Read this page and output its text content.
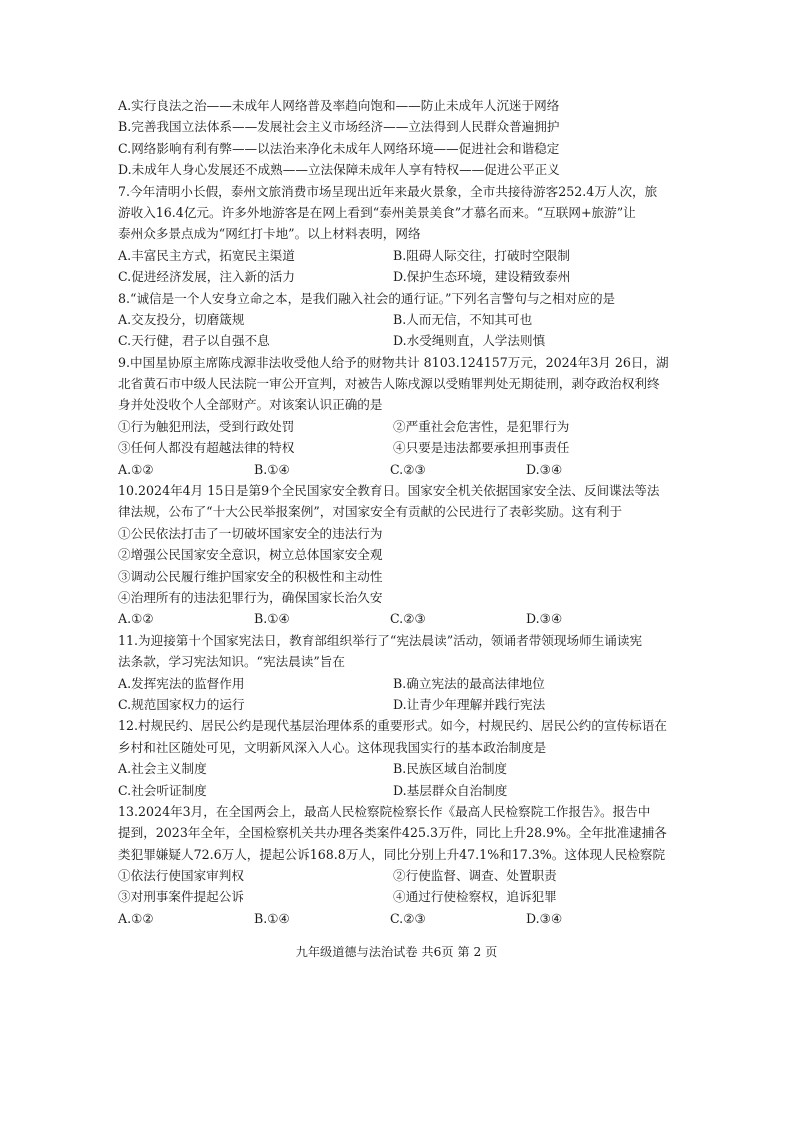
A.实行良法之治——未成年人网络普及率趋向饱和——防止未成年人沉迷于网络
B.完善我国立法体系——发展社会主义市场经济——立法得到人民群众普遍拥护
C.网络影响有利有弊——以法治来净化未成年人网络环境——促进社会和谐稳定
D.未成年人身心发展还不成熟——立法保障未成年人享有特权——促进公平正义
7.今年清明小长假，泰州文旅消费市场呈现出近年来最火景象，全市共接待游客252.4万人次，旅
游收入16.4亿元。许多外地游客是在网上看到“泰州美景美食”才慕名而来。“互联网+旅游”让
泰州众多景点成为“网红打卡地”。以上材料表明，网络
A.丰富民主方式，拓宽民主渠道	B.阻碍人际交往，打破时空限制
C.促进经济发展，注入新的活力	D.保护生态环境，建设精致泰州
8.“诚信是一个人安身立命之本，是我们融入社会的通行证。”下列名言警句与之相对应的是
A.交友投分，切磨箴规	B.人而无信，不知其可也
C.天行健，君子以自强不息	D.水受绳则直，人学法则慎
9.中国星协原主席陈戌源非法收受他人给予的财物共计 8103.124157万元，2024年3月 26日，湖
北省黄石市中级人民法院一审公开宣判，对被告人陈戌源以受贿罪判处无期徒刑，剥夺政治权利终
身并处没收个人全部财产。对该案认识正确的是
①行为触犯刑法，受到行政处罚	②严重社会危害性，是犯罪行为
③任何人都没有超越法律的特权	④只要是违法都要承担刑事责任
A.①②	B.①④	C.②③	D.③④
10.2024年4月 15日是第9个全民国家安全教育日。国家安全机关依据国家安全法、反间谍法等法
律法规，公布了“十大公民举报案例”，对国家安全有贡献的公民进行了表彰奖励。这有利于
①公民依法打击了一切破坏国家安全的违法行为
②增强公民国家安全意识，树立总体国家安全观
③调动公民履行维护国家安全的积极性和主动性
④治理所有的违法犯罪行为，确保国家长治久安
A.①②	B.①④	C.②③	D.③④
11.为迎接第十个国家宪法日，教育部组织举行了“宪法晨读”活动，领诵者带领现场师生诵读宪
法条款，学习宪法知识。“宪法晨读”旨在
A.发挥宪法的监督作用	B.确立宪法的最高法律地位
C.规范国家权力的运行	D.让青少年理解并践行宪法
12.村规民约、居民公约是现代基层治理体系的重要形式。如今，村规民约、居民公约的宣传标语在
乡村和社区随处可见，文明新风深入人心。这体现我国实行的基本政治制度是
A.社会主义制度	B.民族区域自治制度
C.社会听证制度	D.基层群众自治制度
13.2024年3月，在全国两会上，最高人民检察院检察长作《最高人民检察院工作报告》。报告中
提到，2023年全年，全国检察机关共办理各类案件425.3万件，同比上升28.9%。全年批准逮捕各
类犯罪嫌疑人72.6万人，提起公诉168.8万人，同比分别上升47.1%和17.3%。这体现人民检察院
①依法行使国家审判权	②行使监督、调查、处置职责
③对刑事案件提起公诉	④通过行使检察权，追诉犯罪
A.①②	B.①④	C.②③	D.③④
九年级道德与法治试卷 共6页 第 2 页
